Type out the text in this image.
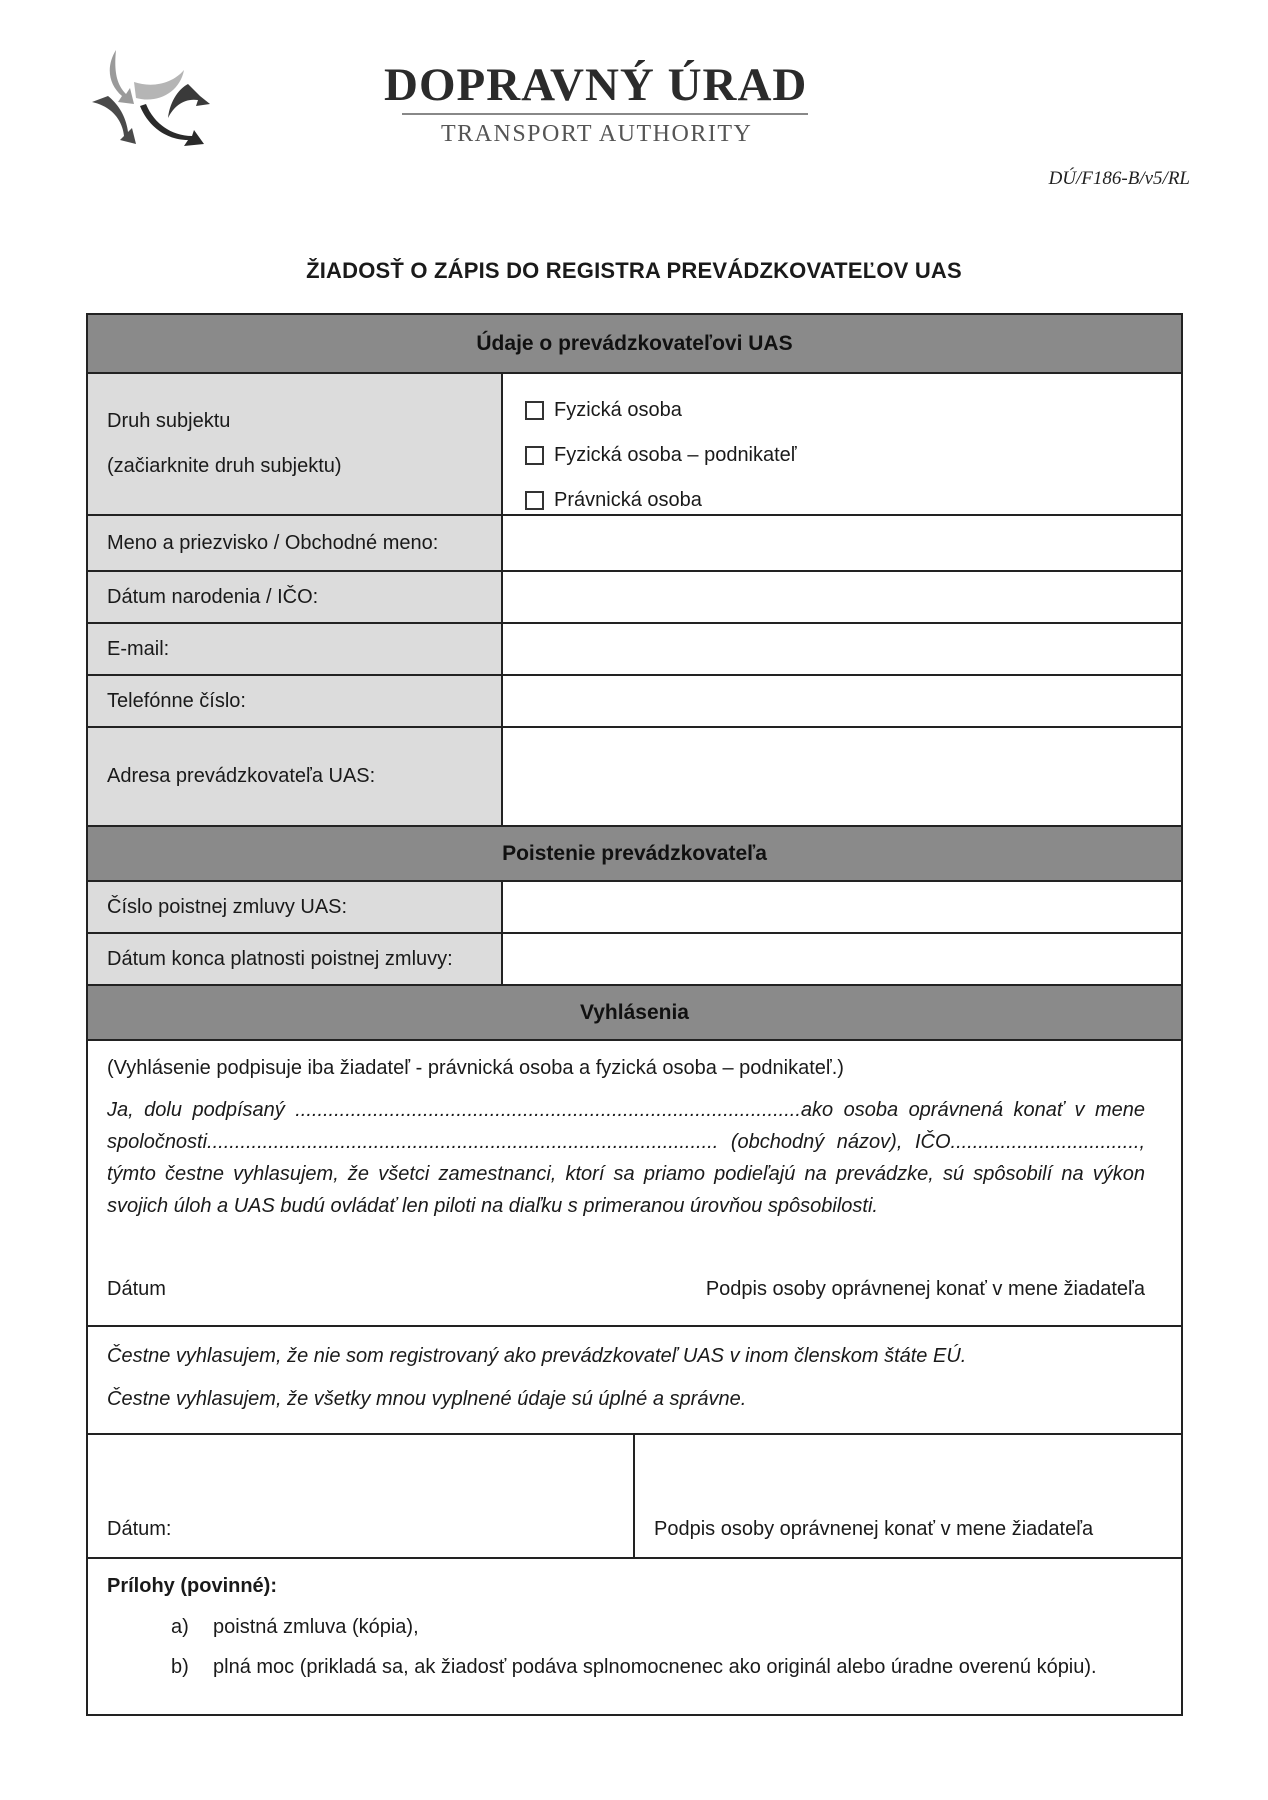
DOPRAVNÝ ÚRAD
TRANSPORT AUTHORITY
DÚ/F186-B/v5/RL
ŽIADOSŤ O ZÁPIS DO REGISTRA PREVÁDZKOVATEĽOV UAS
Údaje o prevádzkovateľovi UAS
Druh subjektu
(začiarknite druh subjektu)
Fyzická osoba
Fyzická osoba – podnikateľ
Právnická osoba
Meno a priezvisko / Obchodné meno:
Dátum narodenia / IČO:
E-mail:
Telefónne číslo:
Adresa prevádzkovateľa UAS:
Poistenie prevádzkovateľa
Číslo poistnej zmluvy UAS:
Dátum konca platnosti poistnej zmluvy:
Vyhlásenia
(Vyhlásenie podpisuje iba žiadateľ - právnická osoba a fyzická osoba – podnikateľ.)
Ja, dolu podpísaný ...........................................................................................ako osoba oprávnená konať v mene spoločnosti............................................................................................ (obchodný názov), IČO.................................., týmto čestne vyhlasujem, že všetci zamestnanci, ktorí sa priamo podieľajú na prevádzke, sú spôsobilí na výkon svojich úloh a UAS budú ovládať len piloti na diaľku s primeranou úrovňou spôsobilosti.
Dátum	Podpis osoby oprávnenej konať v mene žiadateľa
Čestne vyhlasujem, že nie som registrovaný ako prevádzkovateľ UAS v inom členskom štáte EÚ.
Čestne vyhlasujem, že všetky mnou vyplnené údaje sú úplné a správne.
Dátum:	Podpis osoby oprávnenej konať v mene žiadateľa
Prílohy (povinné):
a)	poistná zmluva (kópia),
b)	plná moc (prikladá sa, ak žiadosť podáva splnomocnenec ako originál alebo úradne overenú kópiu).
